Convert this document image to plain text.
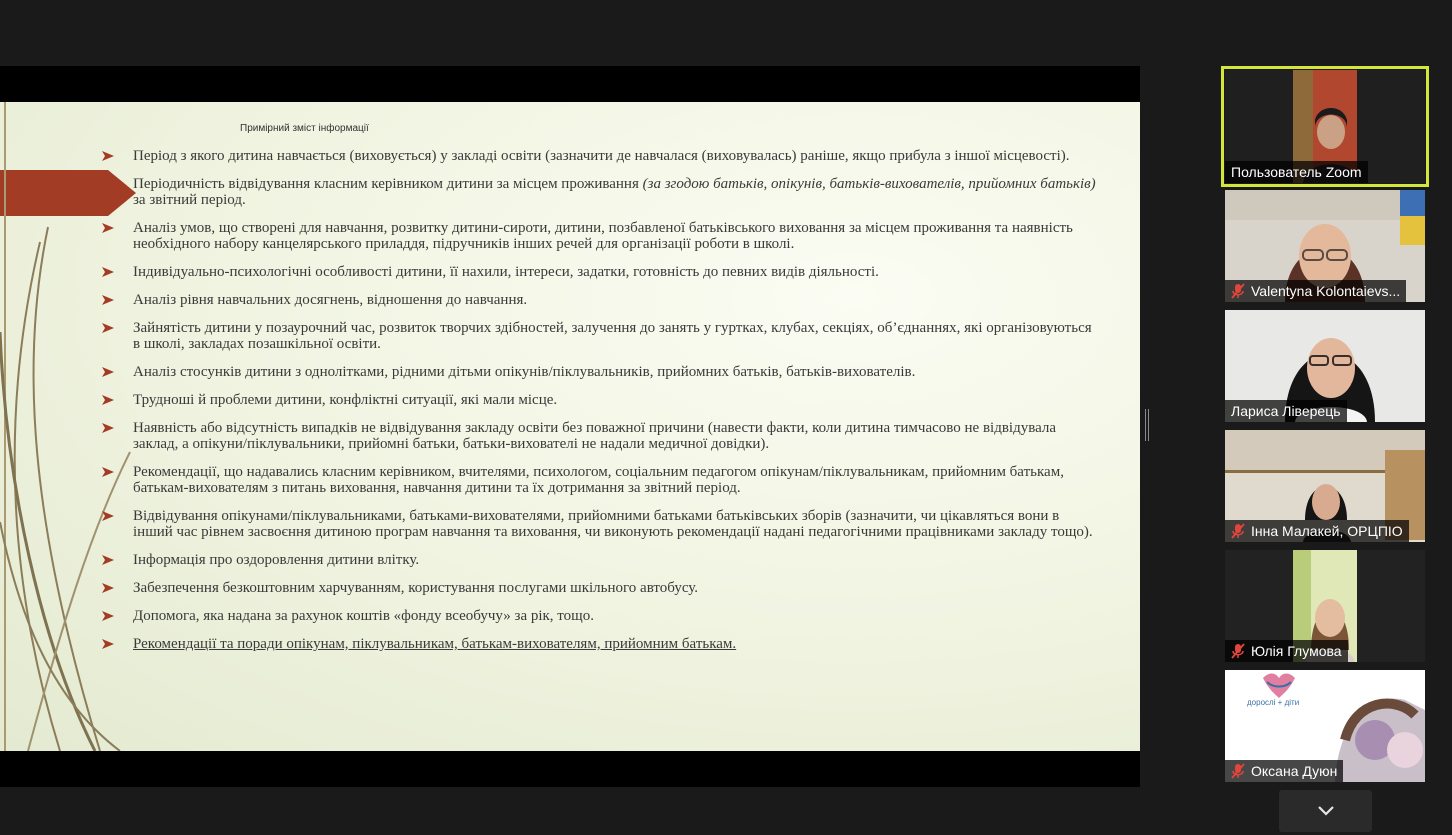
Примірний зміст інформації
Період з якого дитина навчається (виховується) у закладі освіти (зазначити де навчалася (виховувалась) раніше, якщо прибула з іншої місцевості).
Періодичність відвідування класним керівником дитини за місцем проживання (за згодою батьків, опікунів, батьків-вихователів, прийомних батьків) за звітний період.
Аналіз умов, що створені для навчання, розвитку дитини-сироти, дитини, позбавленої батьківського виховання за місцем проживання та наявність необхідного набору канцелярського приладдя, підручників інших речей для організації роботи в школі.
Індивідуально-психологічні особливості дитини, її нахили, інтереси, задатки, готовність до певних видів діяльності.
Аналіз рівня навчальних досягнень, відношення до навчання.
Зайнятість дитини у позаурочний час, розвиток творчих здібностей, залучення до занять у гуртках, клубах, секціях, об’єднаннях, які організовуються в школі, закладах позашкільної освіти.
Аналіз стосунків дитини з однолітками, рідними дітьми опікунів/піклувальників, прийомних батьків, батьків-вихователів.
Трудноші й проблеми дитини, конфліктні ситуації, які мали місце.
Наявність або відсутність випадків не відвідування закладу освіти без поважної причини (навести факти, коли дитина тимчасово не відвідувала заклад, а опікуни/піклувальники, прийомні батьки, батьки-вихователі не надали медичної довідки).
Рекомендації, що надавались класним керівником, вчителями, психологом, соціальним педагогом опікунам/піклувальникам, прийомним батькам, батькам-вихователям з питань виховання, навчання дитини та їх дотримання за звітний період.
Відвідування опікунами/піклувальниками, батьками-вихователями, прийомними батьками батьківських зборів (зазначити, чи цікавляться вони в інший час рівнем засвоєння дитиною програм навчання та виховання, чи виконують рекомендації надані педагогічними працівниками закладу тощо).
Інформація про оздоровлення дитини влітку.
Забезпечення безкоштовним харчуванням, користування послугами шкільного автобусу.
Допомога, яка надана за рахунок коштів «фонду всеобучу» за рік, тощо.
Рекомендації та поради опікунам, піклувальникам, батькам-вихователям, прийомним батькам.
Пользователь Zoom
Valentyna Kolontaievs...
Лариса Ліверець
Інна Малакей, ОРЦПІО
Юлія Глумова
дорослі + діти
Оксана Дуюн
